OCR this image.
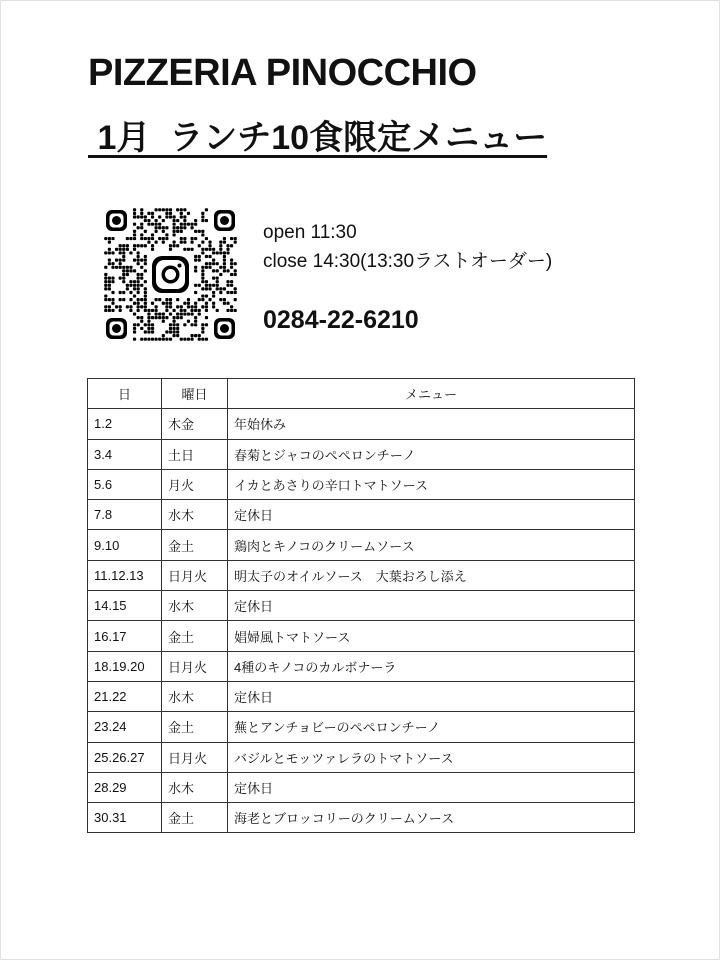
PIZZERIA PINOCCHIO
1月  ランチ10食限定メニュー
open 11:30
close 14:30(13:30ラストオーダー)
0284-22-6210
日	曜日	メニュー
1.2	木金	年始休み
3.4	土日	春菊とジャコのペペロンチーノ
5.6	月火	イカとあさりの辛口トマトソース
7.8	水木	定休日
9.10	金土	鶏肉とキノコのクリームソース
11.12.13	日月火	明太子のオイルソース　大葉おろし添え
14.15	水木	定休日
16.17	金土	娼婦風トマトソース
18.19.20	日月火	4種のキノコのカルボナーラ
21.22	水木	定休日
23.24	金土	蕪とアンチョビーのペペロンチーノ
25.26.27	日月火	バジルとモッツァレラのトマトソース
28.29	水木	定休日
30.31	金土	海老とブロッコリーのクリームソース
